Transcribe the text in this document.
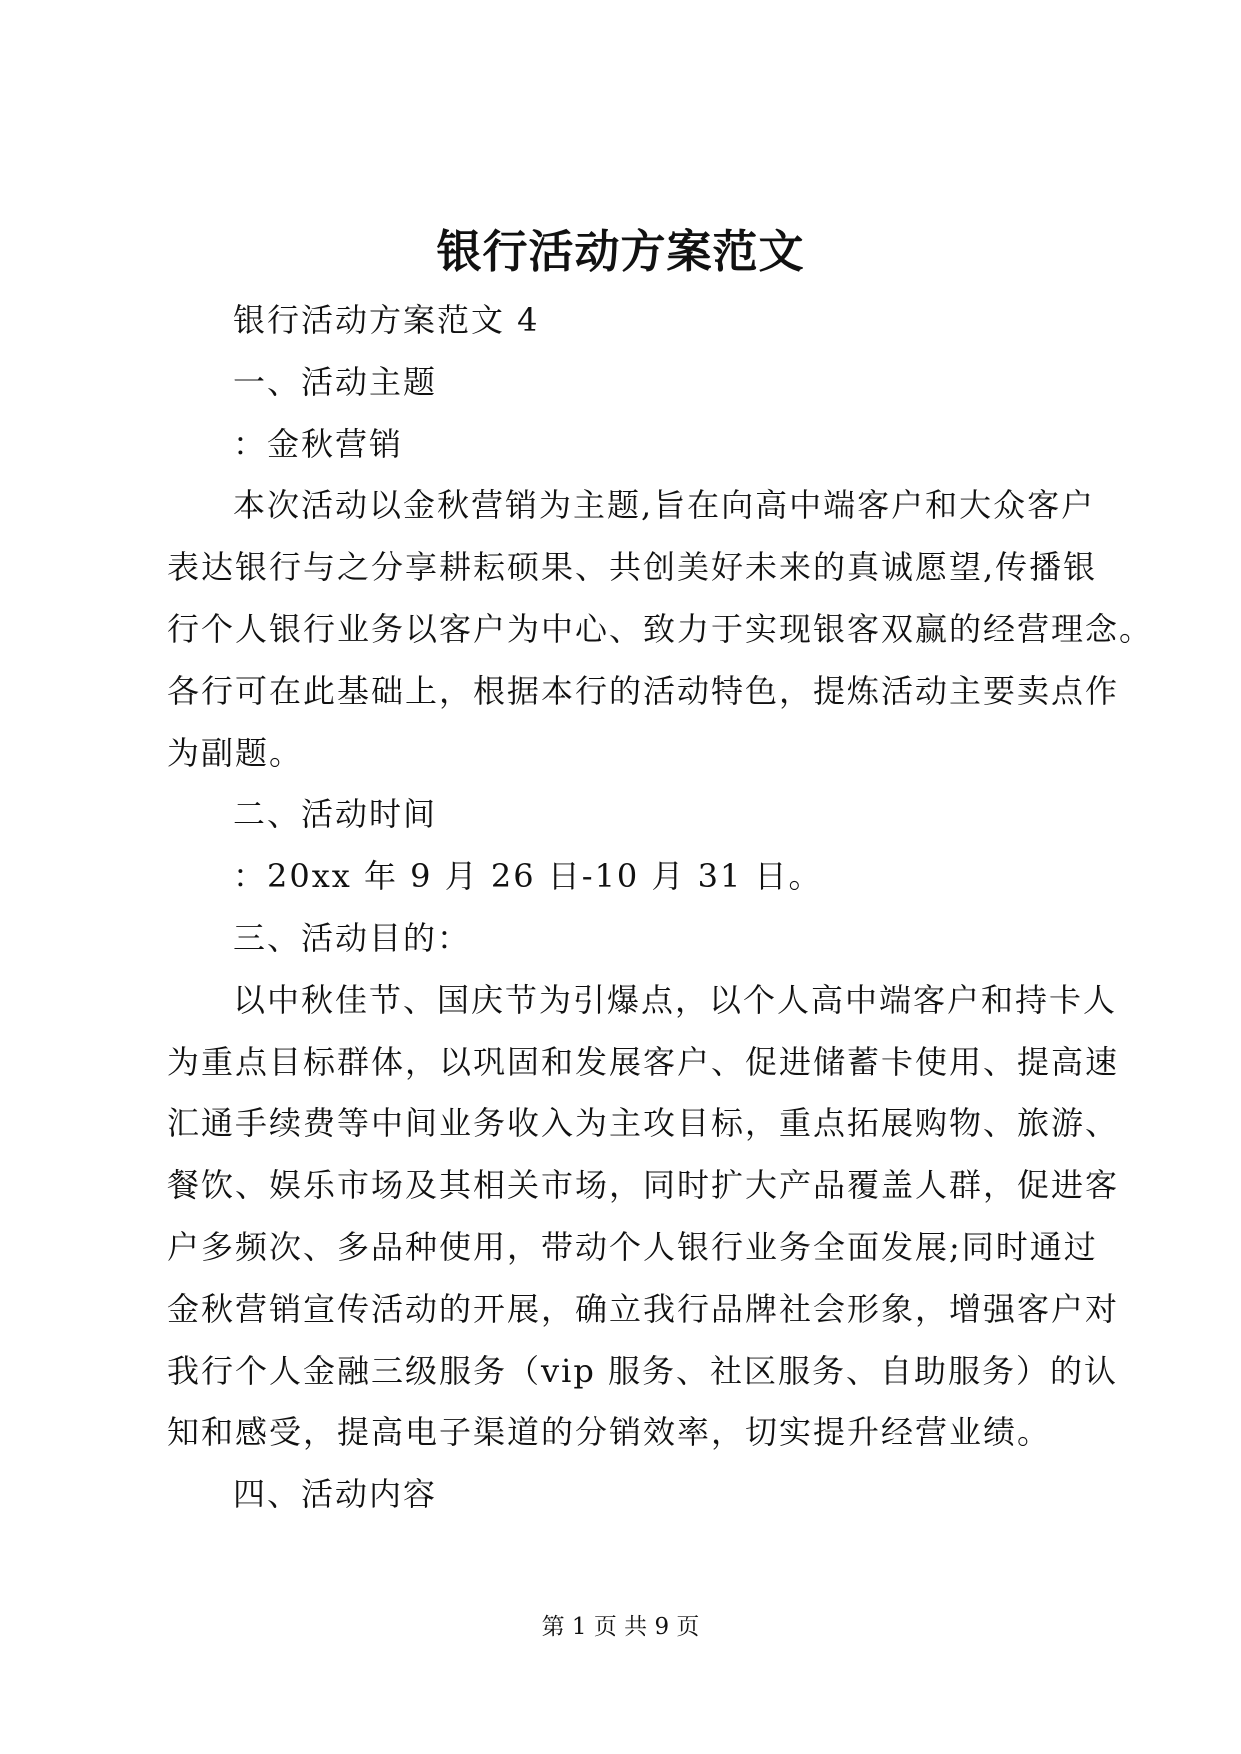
银行活动方案范文
银行活动方案范文 4
一、活动主题
：金秋营销
本次活动以金秋营销为主题,旨在向高中端客户和大众客户
表达银行与之分享耕耘硕果、共创美好未来的真诚愿望,传播银
行个人银行业务以客户为中心、致力于实现银客双赢的经营理念。
各行可在此基础上，根据本行的活动特色，提炼活动主要卖点作
为副题。
二、活动时间
：20xx 年 9 月 26 日-10 月 31 日。
三、活动目的：
以中秋佳节、国庆节为引爆点，以个人高中端客户和持卡人
为重点目标群体，以巩固和发展客户、促进储蓄卡使用、提高速
汇通手续费等中间业务收入为主攻目标，重点拓展购物、旅游、
餐饮、娱乐市场及其相关市场，同时扩大产品覆盖人群，促进客
户多频次、多品种使用，带动个人银行业务全面发展;同时通过
金秋营销宣传活动的开展，确立我行品牌社会形象，增强客户对
我行个人金融三级服务（vip 服务、社区服务、自助服务）的认
知和感受，提高电子渠道的分销效率，切实提升经营业绩。
四、活动内容
第 1 页 共 9 页
